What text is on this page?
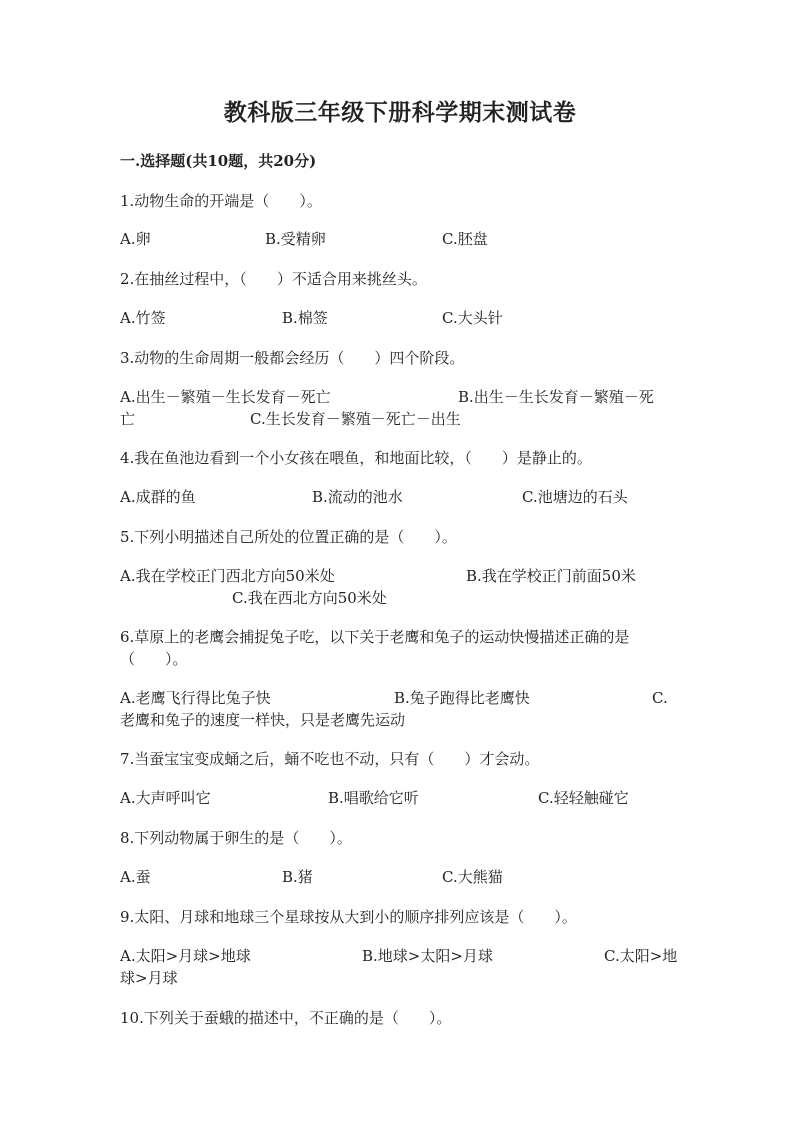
教科版三年级下册科学期末测试卷
一.选择题(共10题，共20分)
1.动物生命的开端是（　　）。
A.卵	B.受精卵	C.胚盘
2.在抽丝过程中，（　　）不适合用来挑丝头。
A.竹签	B.棉签	C.大头针
3.动物的生命周期一般都会经历（　　）四个阶段。
A.出生－繁殖－生长发育－死亡	B.出生－生长发育－繁殖－死
亡	C.生长发育－繁殖－死亡－出生
4.我在鱼池边看到一个小女孩在喂鱼，和地面比较，（　　）是静止的。
A.成群的鱼	B.流动的池水	C.池塘边的石头
5.下列小明描述自己所处的位置正确的是（　　）。
A.我在学校正门西北方向50米处	B.我在学校正门前面50米
C.我在西北方向50米处
6.草原上的老鹰会捕捉兔子吃，以下关于老鹰和兔子的运动快慢描述正确的是
（　　）。
A.老鹰飞行得比兔子快	B.兔子跑得比老鹰快	C.
老鹰和兔子的速度一样快，只是老鹰先运动
7.当蚕宝宝变成蛹之后，蛹不吃也不动，只有（　　）才会动。
A.大声呼叫它	B.唱歌给它听	C.轻轻触碰它
8.下列动物属于卵生的是（　　）。
A.蚕	B.猪	C.大熊猫
9.太阳、月球和地球三个星球按从大到小的顺序排列应该是（　　）。
A.太阳>月球>地球	B.地球>太阳>月球	C.太阳>地
球>月球
10.下列关于蚕蛾的描述中，不正确的是（　　）。
